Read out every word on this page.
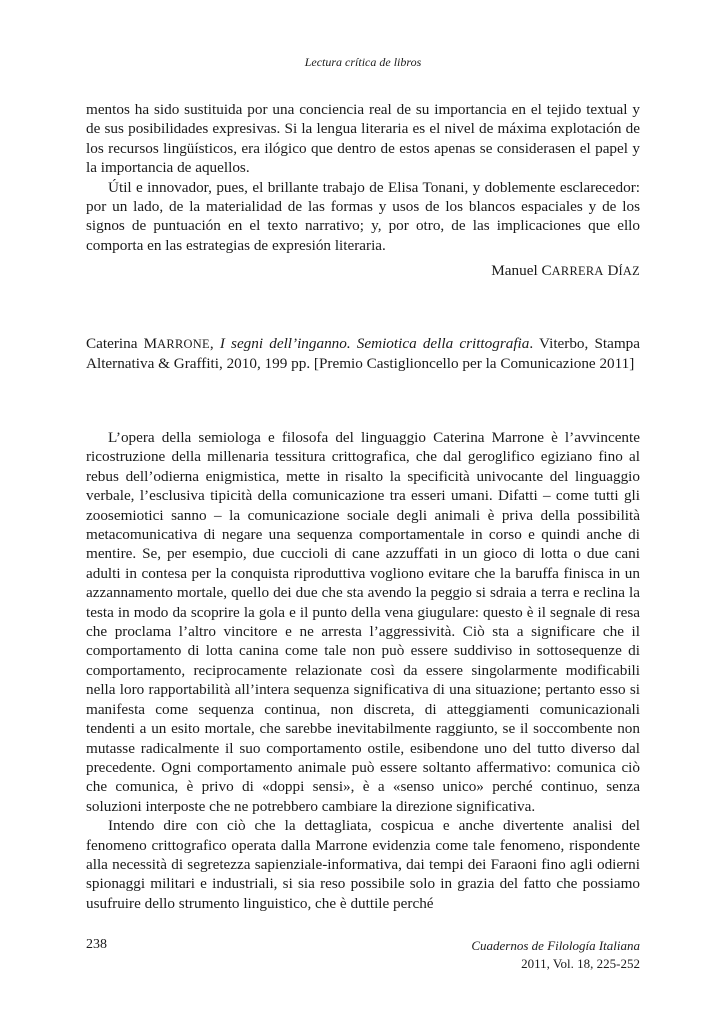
Lectura crítica de libros

mentos ha sido sustituida por una conciencia real de su importancia en el tejido textual y de sus posibilidades expresivas. Si la lengua literaria es el nivel de máxima explotación de los recursos lingüísticos, era ilógico que dentro de estos apenas se considerasen el papel y la importancia de aquellos.

Útil e innovador, pues, el brillante trabajo de Elisa Tonani, y doblemente esclarecedor: por un lado, de la materialidad de las formas y usos de los blancos espaciales y de los signos de puntuación en el texto narrativo; y, por otro, de las implicaciones que ello comporta en las estrategias de expresión literaria.

Manuel CARRERA DÍAZ

Caterina MARRONE, I segni dell’inganno. Semiotica della crittografia. Viterbo, Stampa Alternativa & Graffiti, 2010, 199 pp. [Premio Castiglioncello per la Comunicazione 2011]

L’opera della semiologa e filosofa del linguaggio Caterina Marrone è l’avvincente ricostruzione della millenaria tessitura crittografica, che dal geroglifico egiziano fino al rebus dell’odierna enigmistica, mette in risalto la specificità univocante del linguaggio verbale, l’esclusiva tipicità della comunicazione tra esseri umani. Difatti – come tutti gli zoosemiotici sanno – la comunicazione sociale degli animali è priva della possibilità metacomunicativa di negare una sequenza comportamentale in corso e quindi anche di mentire. Se, per esempio, due cuccioli di cane azzuffati in un gioco di lotta o due cani adulti in contesa per la conquista riproduttiva vogliono evitare che la baruffa finisca in un azzannamento mortale, quello dei due che sta avendo la peggio si sdraia a terra e reclina la testa in modo da scoprire la gola e il punto della vena giugulare: questo è il segnale di resa che proclama l’altro vincitore e ne arresta l’aggressività. Ciò sta a significare che il comportamento di lotta canina come tale non può essere suddiviso in sottosequenze di comportamento, reciprocamente relazionate così da essere singolarmente modificabili nella loro rapportabilità all’intera sequenza significativa di una situazione; pertanto esso si manifesta come sequenza continua, non discreta, di atteggiamenti comunicazionali tendenti a un esito mortale, che sarebbe inevitabilmente raggiunto, se il soccombente non mutasse radicalmente il suo comportamento ostile, esibendone uno del tutto diverso dal precedente. Ogni comportamento animale può essere soltanto affermativo: comunica ciò che comunica, è privo di «doppi sensi», è a «senso unico» perché continuo, senza soluzioni interposte che ne potrebbero cambiare la direzione significativa.

Intendo dire con ciò che la dettagliata, cospicua e anche divertente analisi del fenomeno crittografico operata dalla Marrone evidenzia come tale fenomeno, rispondente alla necessità di segretezza sapienziale-informativa, dai tempi dei Faraoni fino agli odierni spionaggi militari e industriali, si sia reso possibile solo in grazia del fatto che possiamo usufruire dello strumento linguistico, che è duttile perché

238	Cuadernos de Filología Italiana
2011, Vol. 18, 225-252
